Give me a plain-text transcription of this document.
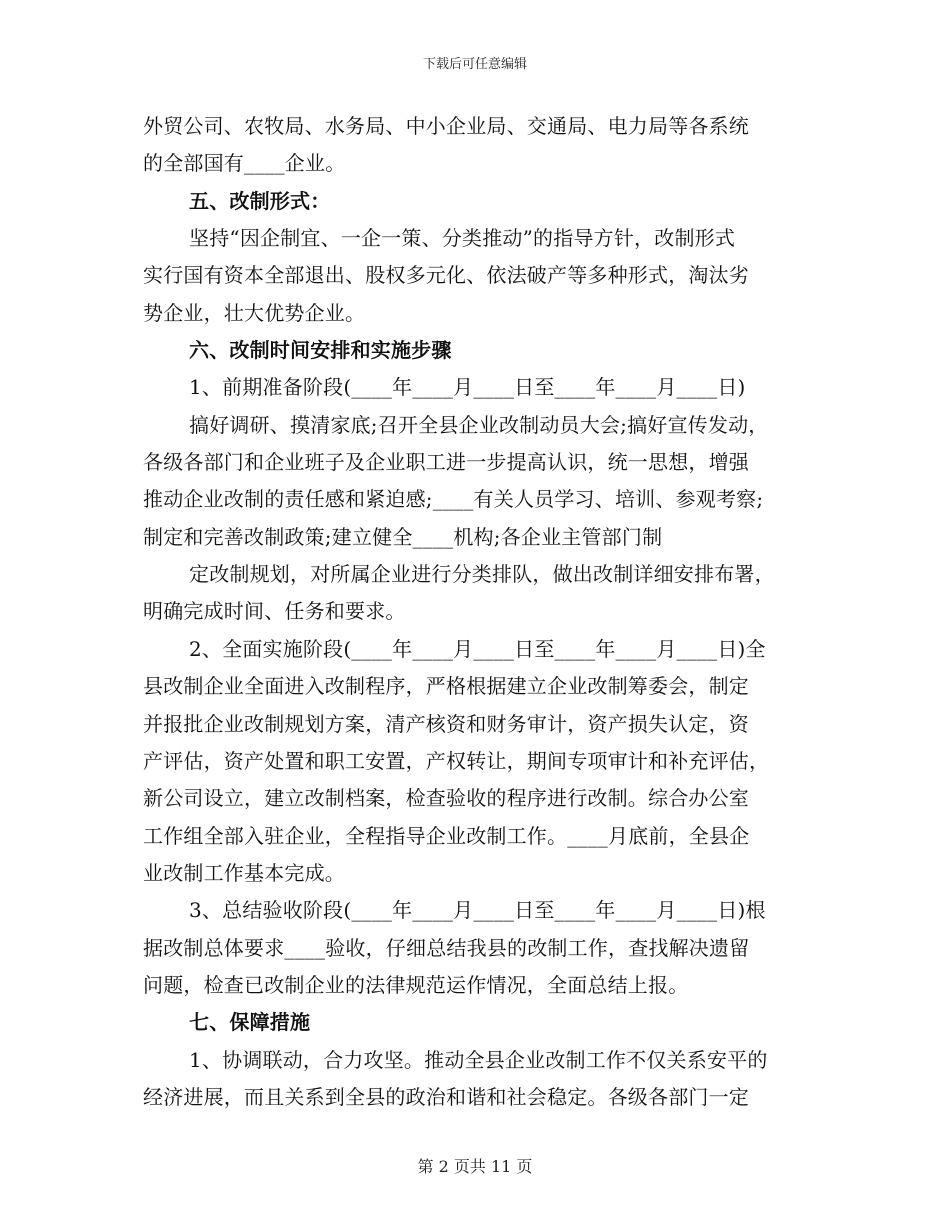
下载后可任意编辑
外贸公司、农牧局、水务局、中小企业局、交通局、电力局等各系统
的全部国有____企业。
五、改制形式：
坚持“因企制宜、一企一策、分类推动”的指导方针，改制形式
实行国有资本全部退出、股权多元化、依法破产等多种形式，淘汰劣
势企业，壮大优势企业。
六、改制时间安排和实施步骤
1、前期准备阶段(____年____月____日至____年____月____日)
搞好调研、摸清家底;召开全县企业改制动员大会;搞好宣传发动，
各级各部门和企业班子及企业职工进一步提高认识，统一思想，增强
推动企业改制的责任感和紧迫感;____有关人员学习、培训、参观考察;
制定和完善改制政策;建立健全____机构;各企业主管部门制
定改制规划，对所属企业进行分类排队，做出改制详细安排布署，
明确完成时间、任务和要求。
2、全面实施阶段(____年____月____日至____年____月____日)全
县改制企业全面进入改制程序，严格根据建立企业改制筹委会，制定
并报批企业改制规划方案，清产核资和财务审计，资产损失认定，资
产评估，资产处置和职工安置，产权转让，期间专项审计和补充评估，
新公司设立，建立改制档案，检查验收的程序进行改制。综合办公室
工作组全部入驻企业，全程指导企业改制工作。____月底前，全县企
业改制工作基本完成。
3、总结验收阶段(____年____月____日至____年____月____日)根
据改制总体要求____验收，仔细总结我县的改制工作，查找解决遗留
问题，检查已改制企业的法律规范运作情况，全面总结上报。
七、保障措施
1、协调联动，合力攻坚。推动全县企业改制工作不仅关系安平的
经济进展，而且关系到全县的政治和谐和社会稳定。各级各部门一定
第 2 页共 11 页
